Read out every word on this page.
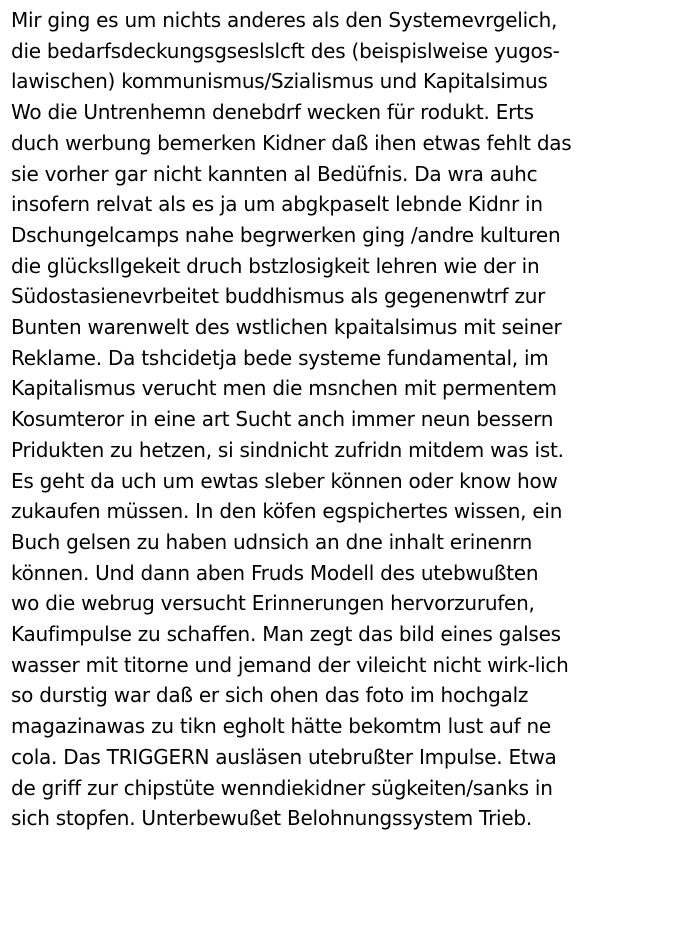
Mir ging es um nichts anderes als den Systemevrgelich,
die bedarfsdeckungsgseslslcft des (beispislweise yugos-
lawischen) kommunismus/Szialismus und Kapitalsimus
Wo die Untrenhemn denebdrf wecken für rodukt. Erts
duch werbung bemerken Kidner daß ihen etwas fehlt das
sie vorher gar nicht kannten al Bedüfnis. Da wra auhc
insofern relvat als es ja um abgkpaselt lebnde Kidnr in
Dschungelcamps nahe begrwerken ging /andre kulturen
die glücksllgekeit druch bstzlosigkeit lehren wie der in
Südostasienevrbeitet buddhismus als gegenenwtrf zur
Bunten warenwelt des wstlichen kpaitalsimus mit seiner
Reklame. Da tshcidetja bede systeme fundamental, im
Kapitalismus verucht men die msnchen mit permentem
Kosumteror in eine art Sucht anch immer neun bessern
Pridukten zu hetzen, si sindnicht zufridn mitdem was ist.
Es geht da uch um ewtas sleber können oder know how
zukaufen müssen. In den köfen egspichertes wissen, ein
Buch gelsen zu haben udnsich an dne inhalt erinenrn
können. Und dann aben Fruds Modell des utebwußten
wo die webrug versucht Erinnerungen hervorzurufen,
Kaufimpulse zu schaffen. Man zegt das bild eines galses
wasser mit titorne und jemand der vileicht nicht wirk-lich
so durstig war daß er sich ohen das foto im hochgalz
magazinawas zu tikn egholt hätte bekomtm lust auf ne
cola. Das TRIGGERN ausläsen utebrußter Impulse. Etwa
de griff zur chipstüte wenndiekidner sügkeiten/sanks in
sich stopfen. Unterbewußet Belohnungssystem Trieb.
